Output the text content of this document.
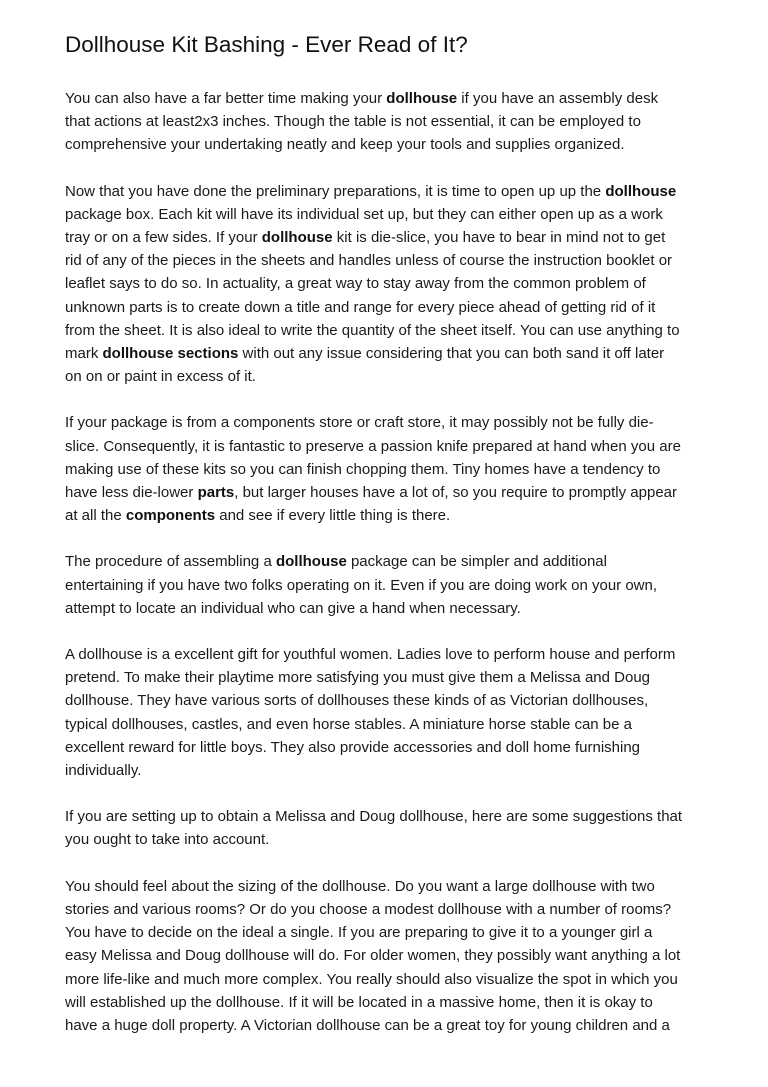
Dollhouse Kit Bashing - Ever Read of It?

You can also have a far better time making your dollhouse if you have an assembly desk
that actions at least2x3 inches. Though the table is not essential, it can be employed to
comprehensive your undertaking neatly and keep your tools and supplies organized.

Now that you have done the preliminary preparations, it is time to open up up the dollhouse
package box. Each kit will have its individual set up, but they can either open up as a work
tray or on a few sides. If your dollhouse kit is die-slice, you have to bear in mind not to get
rid of any of the pieces in the sheets and handles unless of course the instruction booklet or
leaflet says to do so. In actuality, a great way to stay away from the common problem of
unknown parts is to create down a title and range for every piece ahead of getting rid of it
from the sheet. It is also ideal to write the quantity of the sheet itself. You can use anything to
mark dollhouse sections with out any issue considering that you can both sand it off later
on on or paint in excess of it.

If your package is from a components store or craft store, it may possibly not be fully die-
slice. Consequently, it is fantastic to preserve a passion knife prepared at hand when you are
making use of these kits so you can finish chopping them. Tiny homes have a tendency to
have less die-lower parts, but larger houses have a lot of, so you require to promptly appear
at all the components and see if every little thing is there.

The procedure of assembling a dollhouse package can be simpler and additional
entertaining if you have two folks operating on it. Even if you are doing work on your own,
attempt to locate an individual who can give a hand when necessary.

A dollhouse is a excellent gift for youthful women. Ladies love to perform house and perform
pretend. To make their playtime more satisfying you must give them a Melissa and Doug
dollhouse. They have various sorts of dollhouses these kinds of as Victorian dollhouses,
typical dollhouses, castles, and even horse stables. A miniature horse stable can be a
excellent reward for little boys. They also provide accessories and doll home furnishing
individually.

If you are setting up to obtain a Melissa and Doug dollhouse, here are some suggestions that
you ought to take into account.

You should feel about the sizing of the dollhouse. Do you want a large dollhouse with two
stories and various rooms? Or do you choose a modest dollhouse with a number of rooms?
You have to decide on the ideal a single. If you are preparing to give it to a younger girl a
easy Melissa and Doug dollhouse will do. For older women, they possibly want anything a lot
more life-like and much more complex. You really should also visualize the spot in which you
will established up the dollhouse. If it will be located in a massive home, then it is okay to
have a huge doll property. A Victorian dollhouse can be a great toy for young children and a
